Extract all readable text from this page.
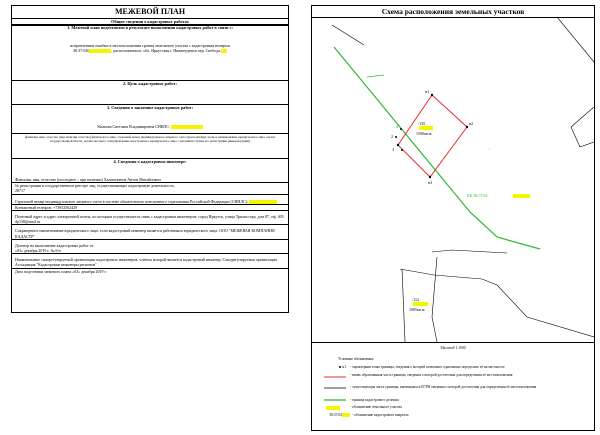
МЕЖЕВОЙ ПЛАН
Общие сведения о кадастровых работах
1. Межевой план подготовлен в результате выполнения кадастровых работ в связи с:
исправлением ошибки в местоположении границ земельного участка с кадастровым номером
38:37:020	, расположенного: обл. Иркутская г. Нижнеудинск пер. Свобода,
2. Цель кадастровых работ:
3. Сведения о заказчике кадастровых работ:
Ушакова Светлана Владимировна СНИЛС:
(фамилия, имя, отчество (при наличии отчества) физического лица, страховой номер индивидуального лицевого счета (при наличии); полное наименование юридического лица, органа государственной власти, органа местного самоуправления, иностранного юридического лица с указанием страны его регистрации (инкорпорации))
4. Сведения о кадастровом инженере:
Фамилия, имя, отчество (последнее – при наличии) Халматханов Антон Михайлович
№ регистрации в государственном реестре лиц, осуществляющих кадастровую деятельность:
28717
Страховой номер индивидуального лицевого счета в системе обязательного пенсионного страхования Российской Федерации (СНИЛС):
Контактный телефон: +73952562429
Почтовый адрес и адрес электронной почты, по которым осуществляется связь с кадастровым инженером: город Иркутск, улица Трилиссера, дом 87, оф. 405
dp138@mail.ru
Сокращенное наименование юридического лица, если кадастровый инженер является работником юридического лица: ООО "МЕЖЕВАЯ КОМПАНИЯ КАДАСТР"
Договор на выполнение кадастровых работ от
«03» декабря 2019 г. № б/н
Наименование саморегулируемой организации кадастровых инженеров, членом которой является кадастровый инженер: Саморегулируемая организация Ассоциация "Кадастровые инженеры регионов"
Дата подготовки межевого плана «03» декабря 2019 г.
Схема расположения земельных участков
:135
1500кв.м.
:112
1685кв.м.
:
КК 38:37:02
н1
н2
н3
1
2
3
Масштаб 1:1000
Условные обозначения:
н1 - характерная точка границы, сведения о которой позволяют однозначно определить её на местности
- вновь образованная часть границы, сведения о которой достаточны для определения её местоположения
- существующая часть границы, имеющаяся в ЕГРН сведения о которой достаточны для определения её местоположения
- граница кадастрового деления
- обозначение земельного участка
38:37:02	- обозначение кадастрового квартала
